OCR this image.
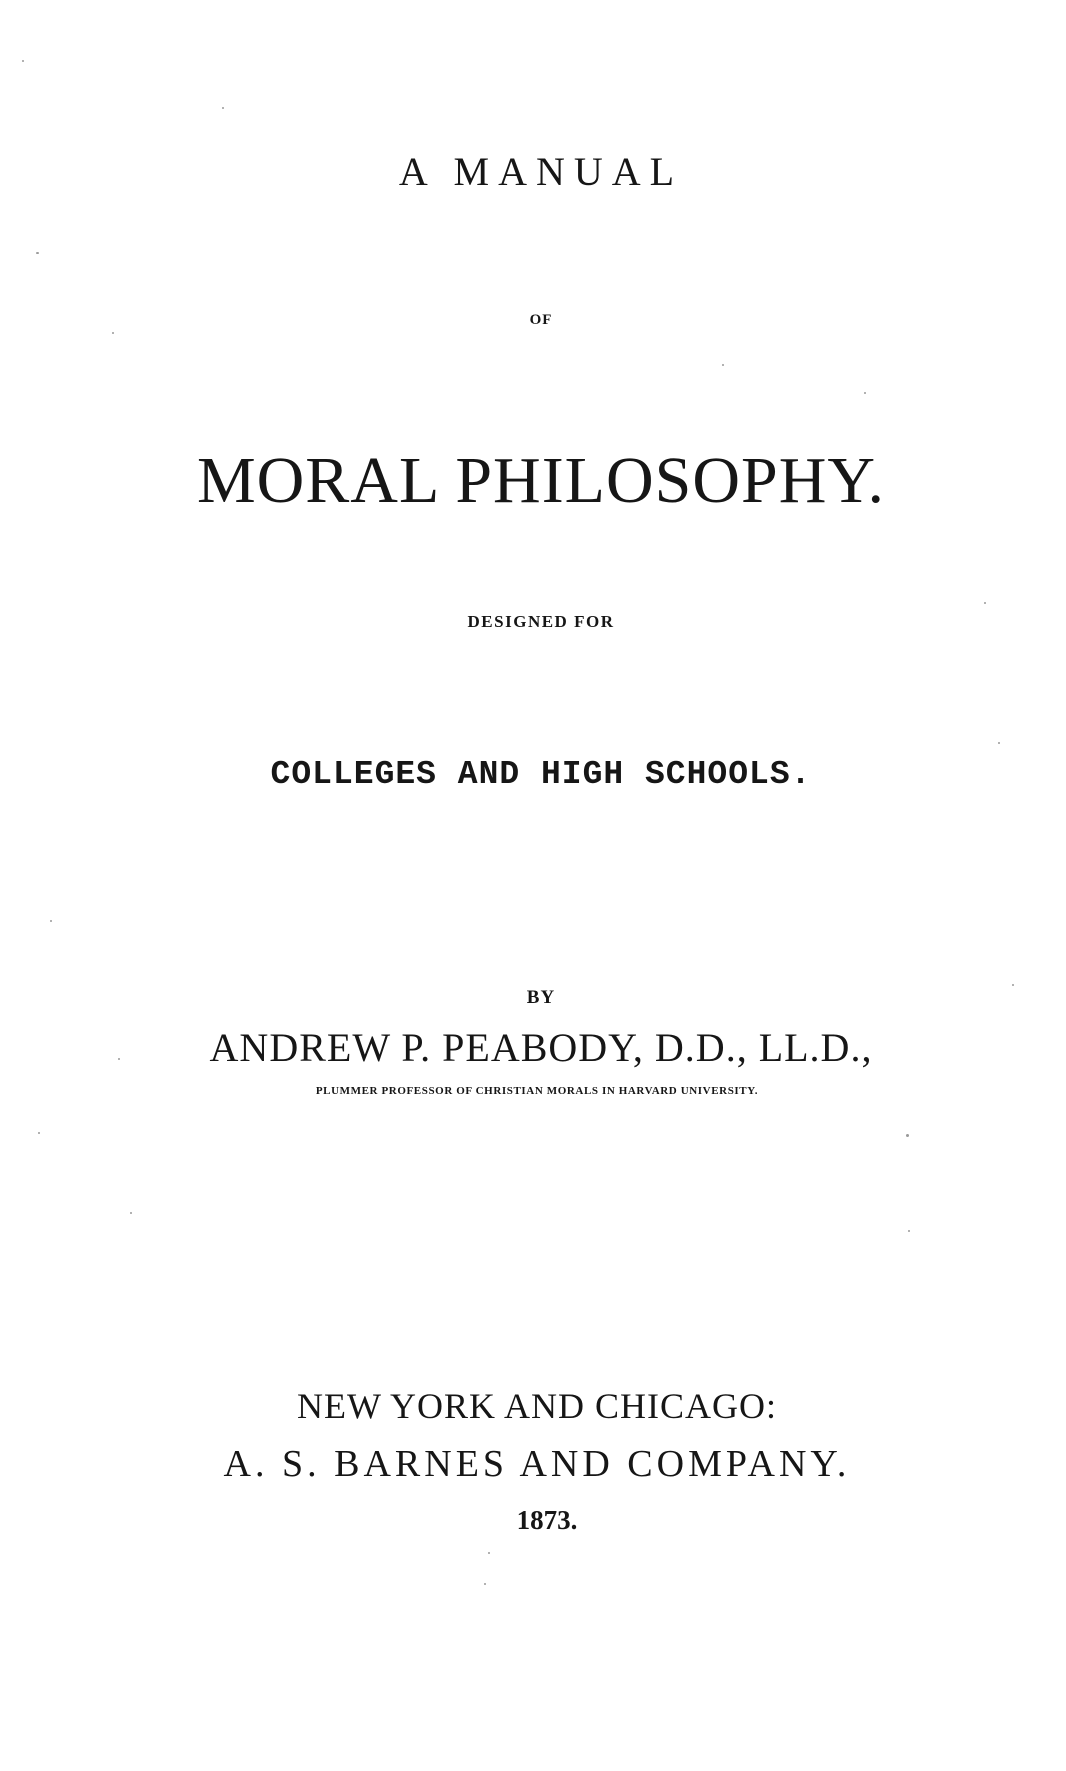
A MANUAL
OF
MORAL PHILOSOPHY.
DESIGNED FOR
COLLEGES AND HIGH SCHOOLS.
BY
ANDREW P. PEABODY, D.D., LL.D.,
PLUMMER PROFESSOR OF CHRISTIAN MORALS IN HARVARD UNIVERSITY.
NEW YORK AND CHICAGO:
A. S. BARNES AND COMPANY.
1873.
